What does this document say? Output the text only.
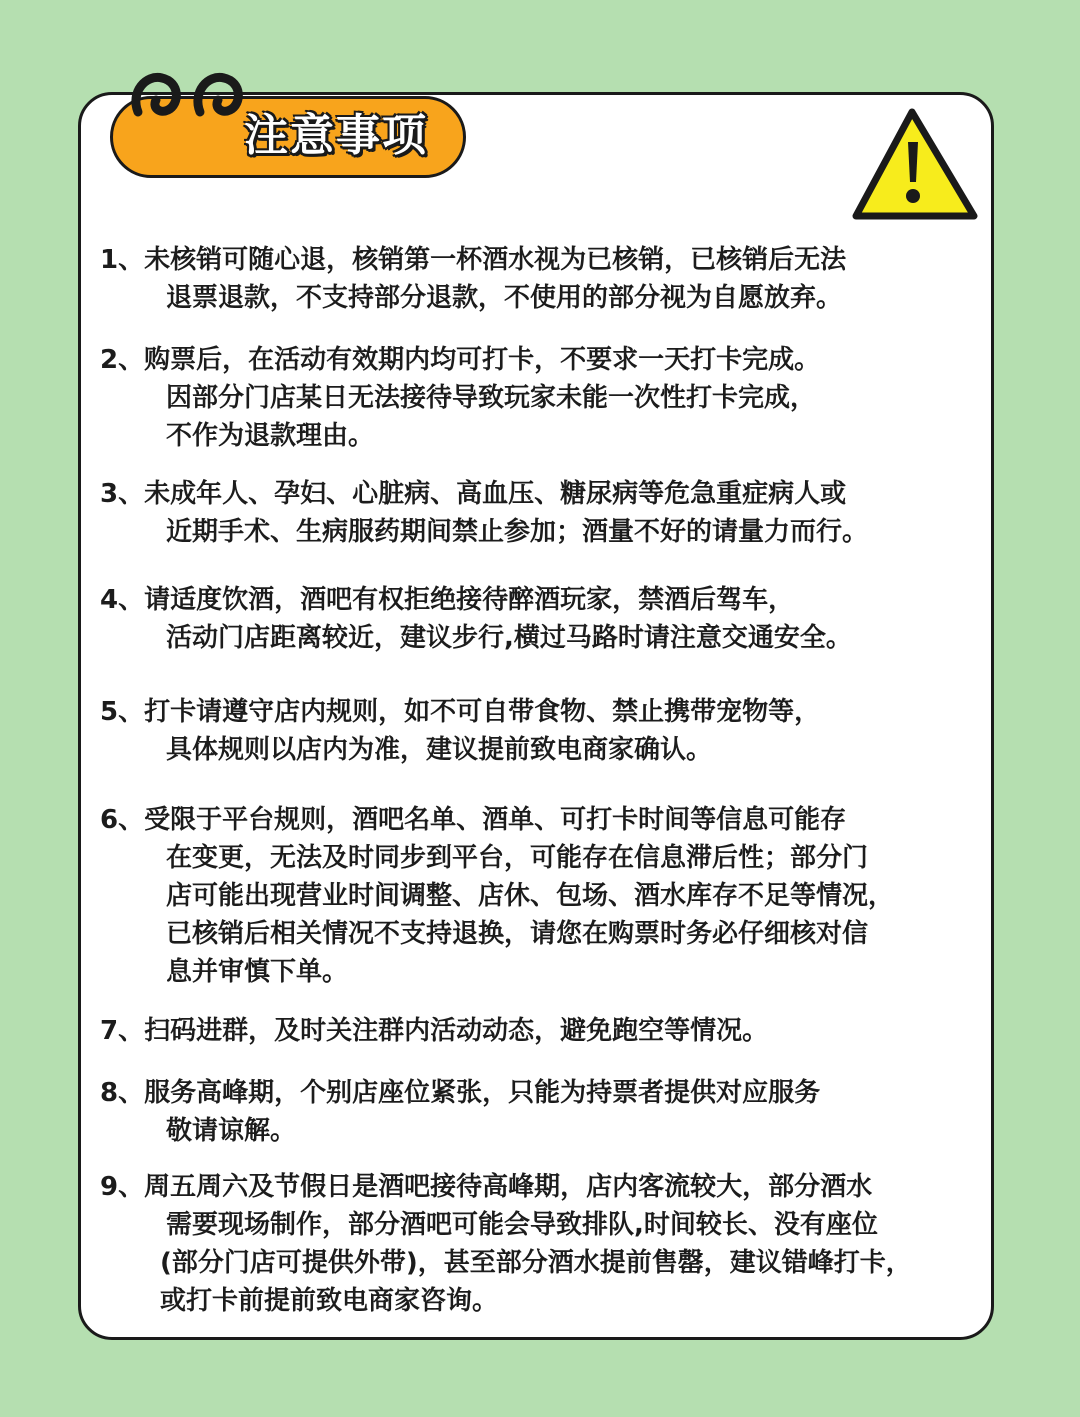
注意事项
1、未核销可随心退，核销第一杯酒水视为已核销，已核销后无法
退票退款，不支持部分退款，不使用的部分视为自愿放弃。
2、购票后，在活动有效期内均可打卡，不要求一天打卡完成。
因部分门店某日无法接待导致玩家未能一次性打卡完成，
不作为退款理由。
3、未成年人、孕妇、心脏病、高血压、糖尿病等危急重症病人或
近期手术、生病服药期间禁止参加；酒量不好的请量力而行。
4、请适度饮酒，酒吧有权拒绝接待醉酒玩家，禁酒后驾车，
活动门店距离较近，建议步行,横过马路时请注意交通安全。
5、打卡请遵守店内规则，如不可自带食物、禁止携带宠物等，
具体规则以店内为准，建议提前致电商家确认。
6、受限于平台规则，酒吧名单、酒单、可打卡时间等信息可能存
在变更，无法及时同步到平台，可能存在信息滞后性；部分门
店可能出现营业时间调整、店休、包场、酒水库存不足等情况，
已核销后相关情况不支持退换，请您在购票时务必仔细核对信
息并审慎下单。
7、扫码进群，及时关注群内活动动态，避免跑空等情况。
8、服务高峰期，个别店座位紧张，只能为持票者提供对应服务
敬请谅解。
9、周五周六及节假日是酒吧接待高峰期，店内客流较大，部分酒水
需要现场制作，部分酒吧可能会导致排队,时间较长、没有座位
(部分门店可提供外带)，甚至部分酒水提前售罄，建议错峰打卡，
或打卡前提前致电商家咨询。
